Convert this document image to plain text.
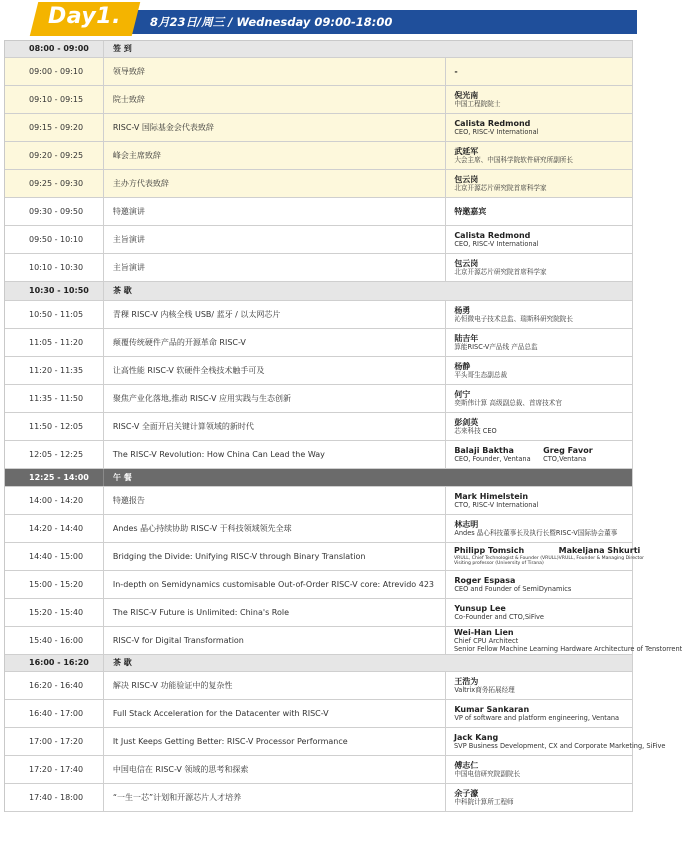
Day1.	8月23日/周三 / Wednesday 09:00-18:00
08:00 - 09:00	签 到
09:00 - 09:10	领导致辞	-
09:10 - 09:15	院士致辞	倪光南
中国工程院院士
09:15 - 09:20	RISC-V 国际基金会代表致辞	Calista Redmond
CEO, RISC-V International
09:20 - 09:25	峰会主席致辞	武延军
大会主席、中国科学院软件研究所副所长
09:25 - 09:30	主办方代表致辞	包云岗
北京开源芯片研究院首席科学家
09:30 - 09:50	特邀演讲	特邀嘉宾
09:50 - 10:10	主旨演讲	Calista Redmond
CEO, RISC-V International
10:10 - 10:30	主旨演讲	包云岗
北京开源芯片研究院首席科学家
10:30 - 10:50	茶 歇
10:50 - 11:05	青稞 RISC-V 内核全栈 USB/ 蓝牙 / 以太网芯片	杨勇
沁恒微电子技术总监、瑞斯科研究院院长
11:05 - 11:20	颠覆传统硬件产品的开源革命 RISC-V	陆吉年
算能RISC-V产品线 产品总监
11:20 - 11:35	让高性能 RISC-V 软硬件全栈技术触手可及	杨静
平头哥生态副总裁
11:35 - 11:50	聚焦产业化落地,推动 RISC-V 应用实践与生态创新	何宁
奕斯伟计算 高级副总裁、首席技术官
11:50 - 12:05	RISC-V 全面开启关键计算领域的新时代	彭剑英
芯来科技 CEO
12:05 - 12:25	The RISC-V Revolution: How China Can Lead the Way	Balaji Baktha
CEO, Founder, Ventana
Greg Favor
CTO,Ventana
12:25 - 14:00	午 餐
14:00 - 14:20	特邀报告	Mark Himelstein
CTO, RISC-V International
14:20 - 14:40	Andes 晶心持续协助 RISC-V 于科技领域领先全球	林志明
Andes 晶心科技董事长及执行长暨RISC-V国际协会董事
14:40 - 15:00	Bridging the Divide: Unifying RISC-V through Binary Translation
Philipp Tomsich
VRULL, Chief Technologist & Founder (VRULL)
Visiting professor (University of Tirana)
Makeljana Shkurti
VRULL, Founder & Managing Director
15:00 - 15:20	In-depth on Semidynamics customisable Out-of-Order RISC-V core: Atrevido 423	Roger Espasa
CEO and Founder of SemiDynamics
15:20 - 15:40	The RISC-V Future is Unlimited: China's Role	Yunsup Lee
Co-Founder and CTO,SiFive
15:40 - 16:00	RISC-V for Digital Transformation
Wei-Han Lien
Chief CPU Architect
Senior Fellow Machine Learning Hardware Architecture of Tenstorrent
16:00 - 16:20	茶 歇
16:20 - 16:40	解决 RISC-V 功能验证中的复杂性	王浩为
Valtrix商务拓展经理
16:40 - 17:00	Full Stack Acceleration for the Datacenter with RISC-V	Kumar Sankaran
VP of software and platform engineering, Ventana
17:00 - 17:20	It Just Keeps Getting Better: RISC-V Processor Performance	Jack Kang
SVP Business Development, CX and Corporate Marketing, SiFive
17:20 - 17:40	中国电信在 RISC-V 领域的思考和探索	傅志仁
中国电信研究院副院长
17:40 - 18:00	“一生一芯”计划和开源芯片人才培养	余子濠
中科院计算所工程师
